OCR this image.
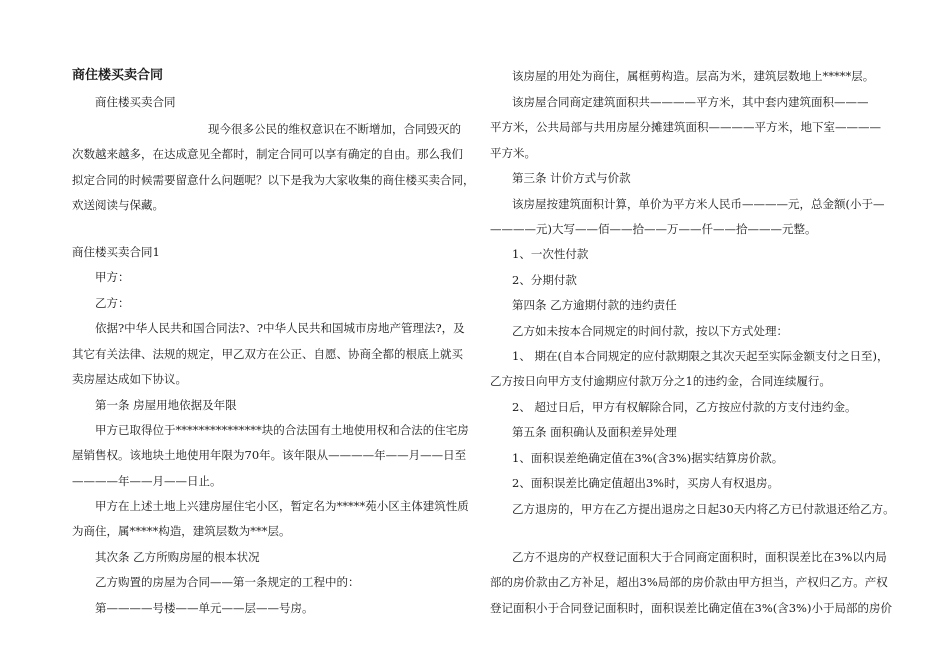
商住楼买卖合同
商住楼买卖合同
现今很多公民的维权意识在不断增加，合同毁灭的
次数越来越多，在达成意见全都时，制定合同可以享有确定的自由。那么我们
拟定合同的时候需要留意什么问题呢？以下是我为大家收集的商住楼买卖合同，
欢送阅读与保藏。
商住楼买卖合同1
甲方：
乙方：
依据?中华人民共和国合同法?、?中华人民共和国城市房地产管理法?，及
其它有关法律、法规的规定，甲乙双方在公正、自愿、协商全都的根底上就买
卖房屋达成如下协议。
第一条 房屋用地依据及年限
甲方已取得位于***************块的合法国有土地使用权和合法的住宅房
屋销售权。该地块土地使用年限为70年。该年限从————年——月——日至
————年——月——日止。
甲方在上述土地上兴建房屋住宅小区，暂定名为*****苑小区主体建筑性质
为商住，属*****构造，建筑层数为***层。
其次条 乙方所购房屋的根本状况
乙方购置的房屋为合同——第一条规定的工程中的：
第————号楼——单元——层——号房。
该房屋的用处为商住，属框剪构造。层高为米，建筑层数地上*****层。
该房屋合同商定建筑面积共————平方米，其中套内建筑面积———
平方米，公共局部与共用房屋分摊建筑面积————平方米，地下室————
平方米。
第三条 计价方式与价款
该房屋按建筑面积计算，单价为平方米人民币————元，总金额(小于—
————元)大写——佰——拾——万——仟——拾———元整。
1、一次性付款
2、分期付款
第四条 乙方逾期付款的违约责任
乙方如未按本合同规定的时间付款，按以下方式处理：
1、 期在(自本合同规定的应付款期限之其次天起至实际金额支付之日至)，
乙方按日向甲方支付逾期应付款万分之1的违约金，合同连续履行。
2、 超过日后，甲方有权解除合同，乙方按应付款的方支付违约金。
第五条 面积确认及面积差异处理
1、面积误差绝确定值在3%(含3%)据实结算房价款。
2、面积误差比确定值超出3%时，买房人有权退房。
乙方退房的，甲方在乙方提出退房之日起30天内将乙方已付款退还给乙方。
乙方不退房的产权登记面积大于合同商定面积时，面积误差比在3%以内局
部的房价款由乙方补足，超出3%局部的房价款由甲方担当，产权归乙方。产权
登记面积小于合同登记面积时，面积误差比确定值在3%(含3%)小于局部的房价
